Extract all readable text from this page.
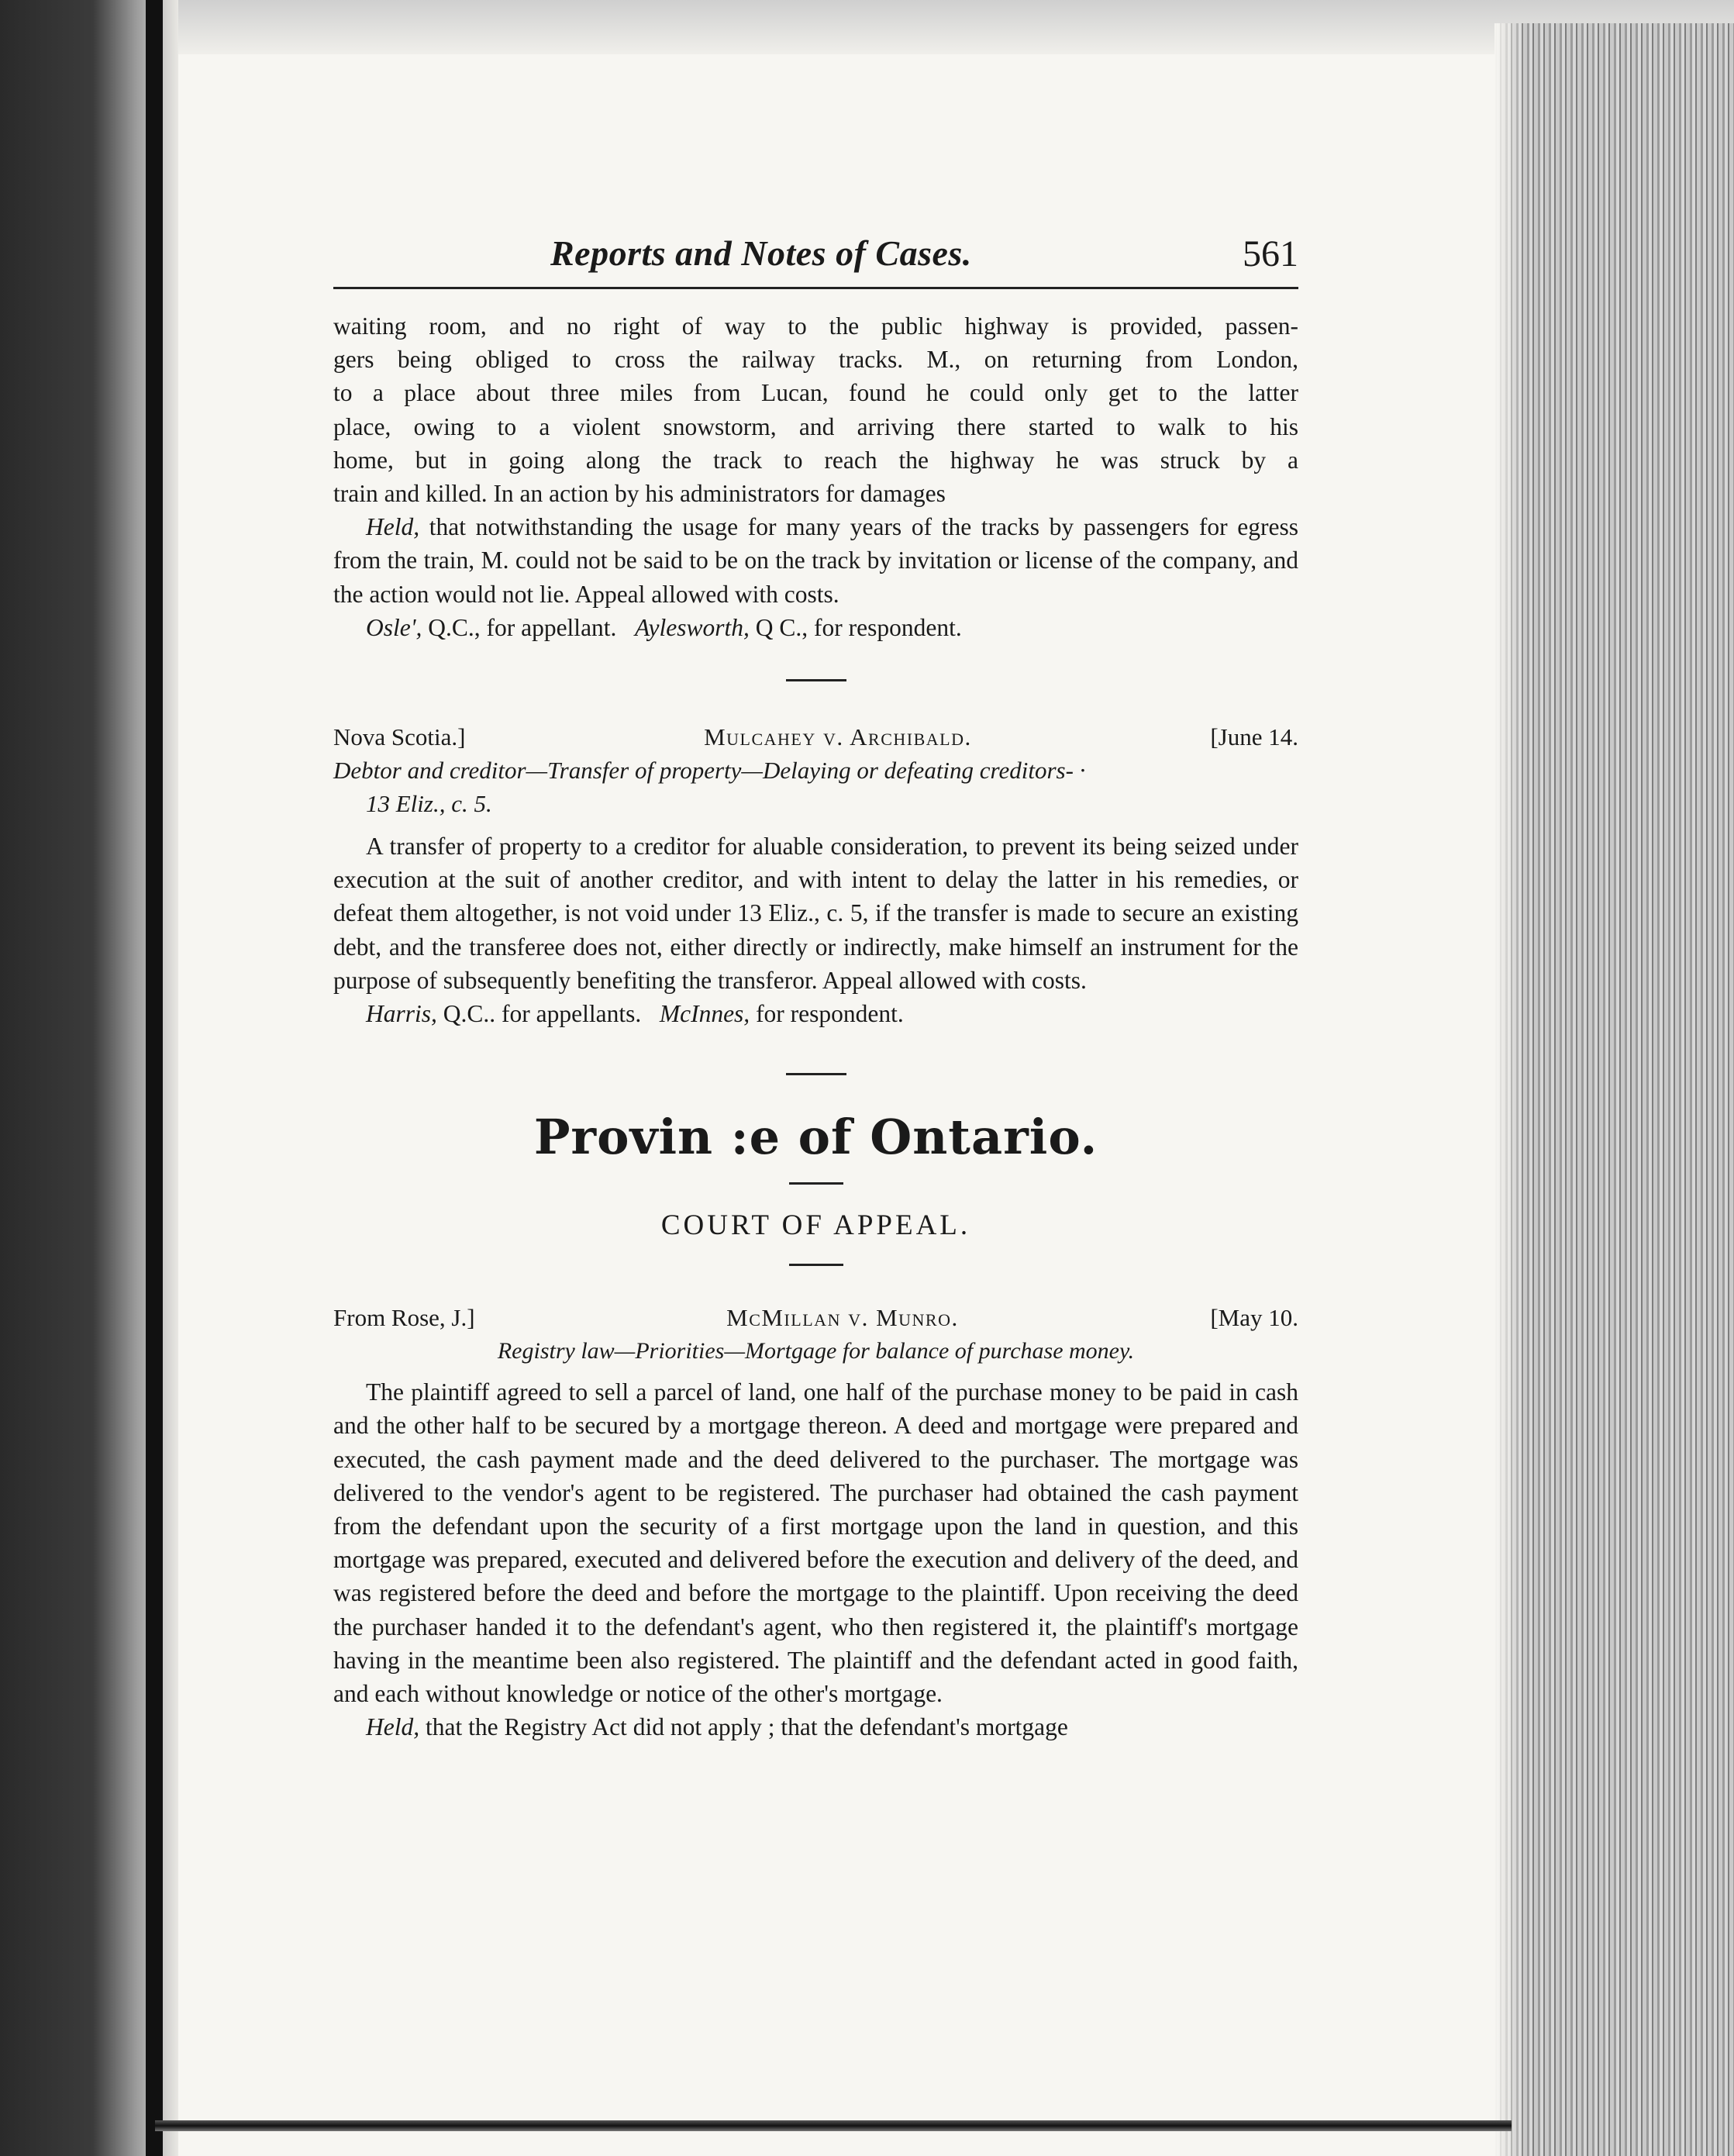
Reports and Notes of Cases.	561

waiting room, and no right of way to the public highway is provided, passen-

gers being obliged to cross the railway tracks. M., on returning from London,

to a place about three miles from Lucan, found he could only get to the latter

place, owing to a violent snowstorm, and arriving there started to walk to his

home, but in going along the track to reach the highway he was struck by a

train and killed. In an action by his administrators for damages

Held, that notwithstanding the usage for many years of the tracks by passengers for egress from the train, M. could not be said to be on the track by invitation or license of the company, and the action would not lie. Appeal allowed with costs.

Osle', Q.C., for appellant. Aylesworth, Q C., for respondent.

Nova Scotia.]	Mulcahey v. Archibald.	[June 14.
Debtor and creditor—Transfer of property—Delaying or defeating creditors- ·
13 Eliz., c. 5.

A transfer of property to a creditor for aluable consideration, to prevent its being seized under execution at the suit of another creditor, and with intent to delay the latter in his remedies, or defeat them altogether, is not void under 13 Eliz., c. 5, if the transfer is made to secure an existing debt, and the transferee does not, either directly or indirectly, make himself an instrument for the purpose of subsequently benefiting the transferor. Appeal allowed with costs.

Harris, Q.C.. for appellants. McInnes, for respondent.

Provin :e of Ontario.
COURT OF APPEAL.
From Rose, J.]	McMillan v. Munro.	[May 10.
Registry law—Priorities—Mortgage for balance of purchase money.

The plaintiff agreed to sell a parcel of land, one half of the purchase money to be paid in cash and the other half to be secured by a mortgage thereon. A deed and mortgage were prepared and executed, the cash payment made and the deed delivered to the purchaser. The mortgage was delivered to the vendor's agent to be registered. The purchaser had obtained the cash payment from the defendant upon the security of a first mortgage upon the land in question, and this mortgage was prepared, executed and delivered before the execution and delivery of the deed, and was registered before the deed and before the mortgage to the plaintiff. Upon receiving the deed the purchaser handed it to the defendant's agent, who then registered it, the plaintiff's mortgage having in the meantime been also registered. The plaintiff and the defendant acted in good faith, and each without knowledge or notice of the other's mortgage.

Held, that the Registry Act did not apply ; that the defendant's mortgage
